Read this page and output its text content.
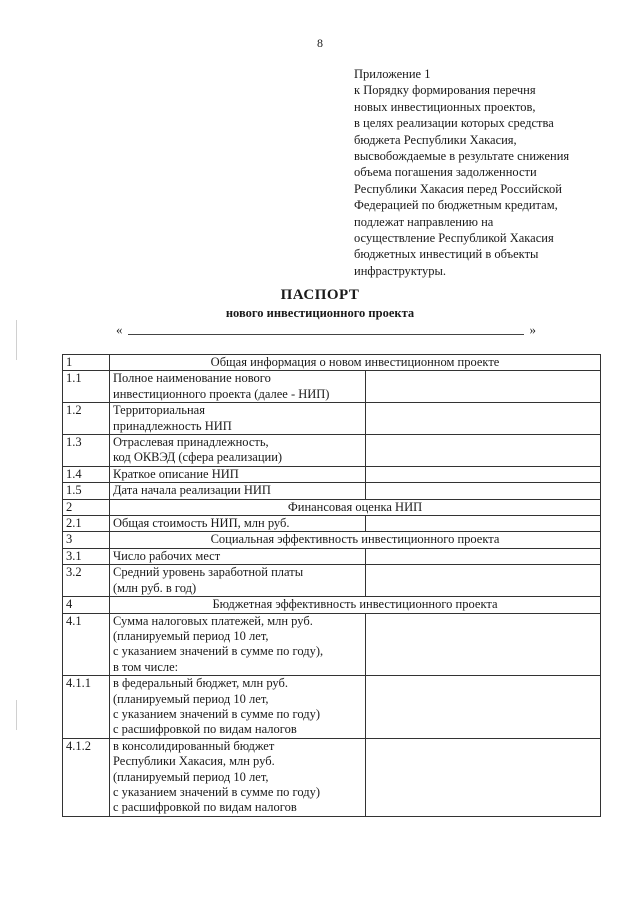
8
Приложение 1
к Порядку формирования перечня
новых инвестиционных проектов,
в целях реализации которых средства
бюджета Республики Хакасия,
высвобождаемые в результате снижения
объема погашения задолженности
Республики Хакасия перед Российской
Федерацией по бюджетным кредитам,
подлежат направлению на
осуществление Республикой Хакасия
бюджетных инвестиций в объекты
инфраструктуры.
ПАСПОРТ
нового инвестиционного проекта
«	»
1	Общая информация о новом инвестиционном проекте	
1.1	Полное наименование нового
инвестиционного проекта (далее - НИП)	
1.2	Территориальная
принадлежность НИП	
1.3	Отраслевая принадлежность,
код ОКВЭД (сфера реализации)	
1.4	Краткое описание НИП	
1.5	Дата начала реализации НИП	
2	Финансовая оценка НИП	
2.1	Общая стоимость НИП, млн руб.	
3	Социальная эффективность инвестиционного проекта	
3.1	Число рабочих мест	
3.2	Средний уровень заработной платы
(млн руб. в год)	
4	Бюджетная эффективность инвестиционного проекта	
4.1	Сумма налоговых платежей, млн руб.
(планируемый период 10 лет,
с указанием значений в сумме по году),
в том числе:	
4.1.1	в федеральный бюджет, млн руб.
(планируемый период 10 лет,
с указанием значений в сумме по году)
с расшифровкой по видам налогов	
4.1.2	в консолидированный бюджет
Республики Хакасия, млн руб.
(планируемый период 10 лет,
с указанием значений в сумме по году)
с расшифровкой по видам налогов	
